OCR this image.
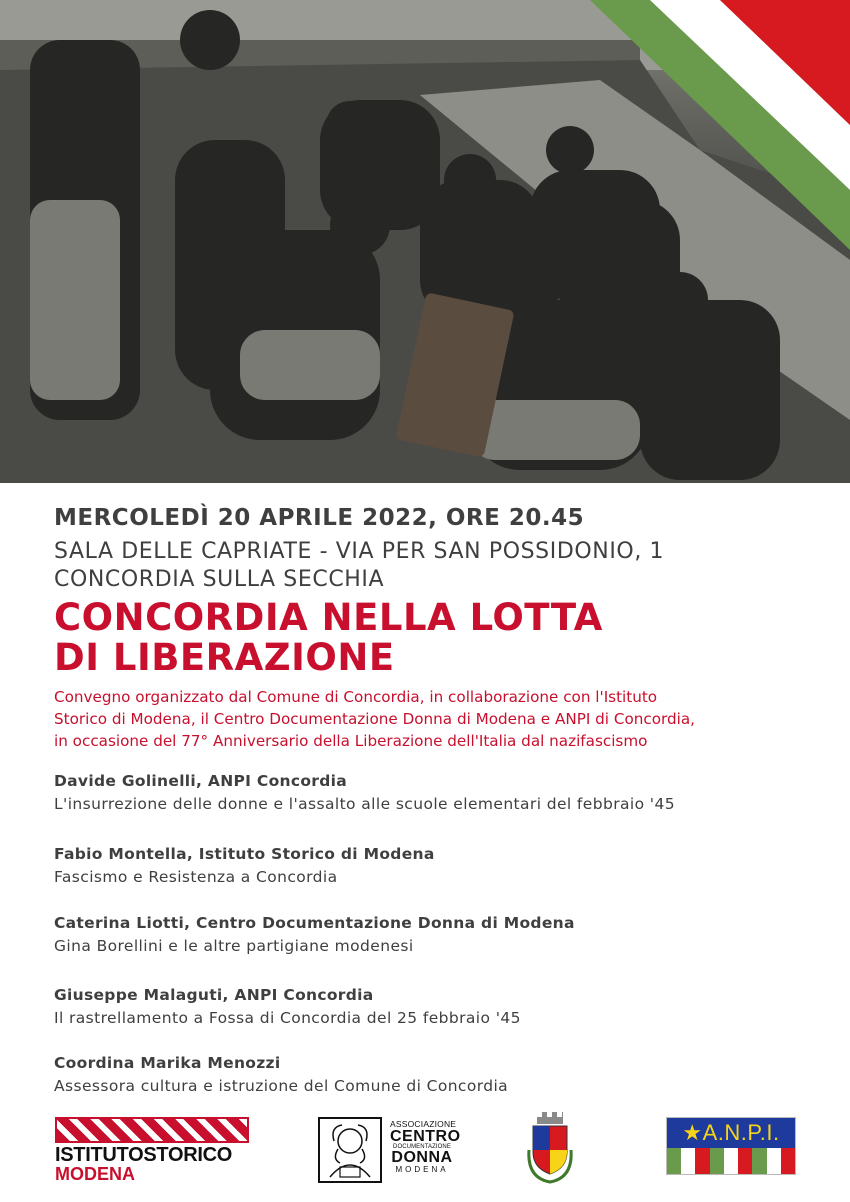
MERCOLEDÌ 20 APRILE 2022, ORE 20.45
SALA DELLE CAPRIATE - VIA PER SAN POSSIDONIO, 1
CONCORDIA SULLA SECCHIA
CONCORDIA NELLA LOTTA
DI LIBERAZIONE
Convegno organizzato dal Comune di Concordia, in collaborazione con l'Istituto
Storico di Modena, il Centro Documentazione Donna di Modena e ANPI di Concordia,
in occasione del 77° Anniversario della Liberazione dell'Italia dal nazifascismo
Davide Golinelli, ANPI Concordia
L'insurrezione delle donne e l'assalto alle scuole elementari del febbraio '45
Fabio Montella, Istituto Storico di Modena
Fascismo e Resistenza a Concordia
Caterina Liotti, Centro Documentazione Donna di Modena
Gina Borellini e le altre partigiane modenesi
Giuseppe Malaguti, ANPI Concordia
Il rastrellamento a Fossa di Concordia del 25 febbraio '45
Coordina Marika Menozzi
Assessora cultura e istruzione del Comune di Concordia
ISTITUTOSTORICO
MODENA
ASSOCIAZIONE
CENTRO
DOCUMENTAZIONE
DONNA
MODENA
★A.N.P.I.
